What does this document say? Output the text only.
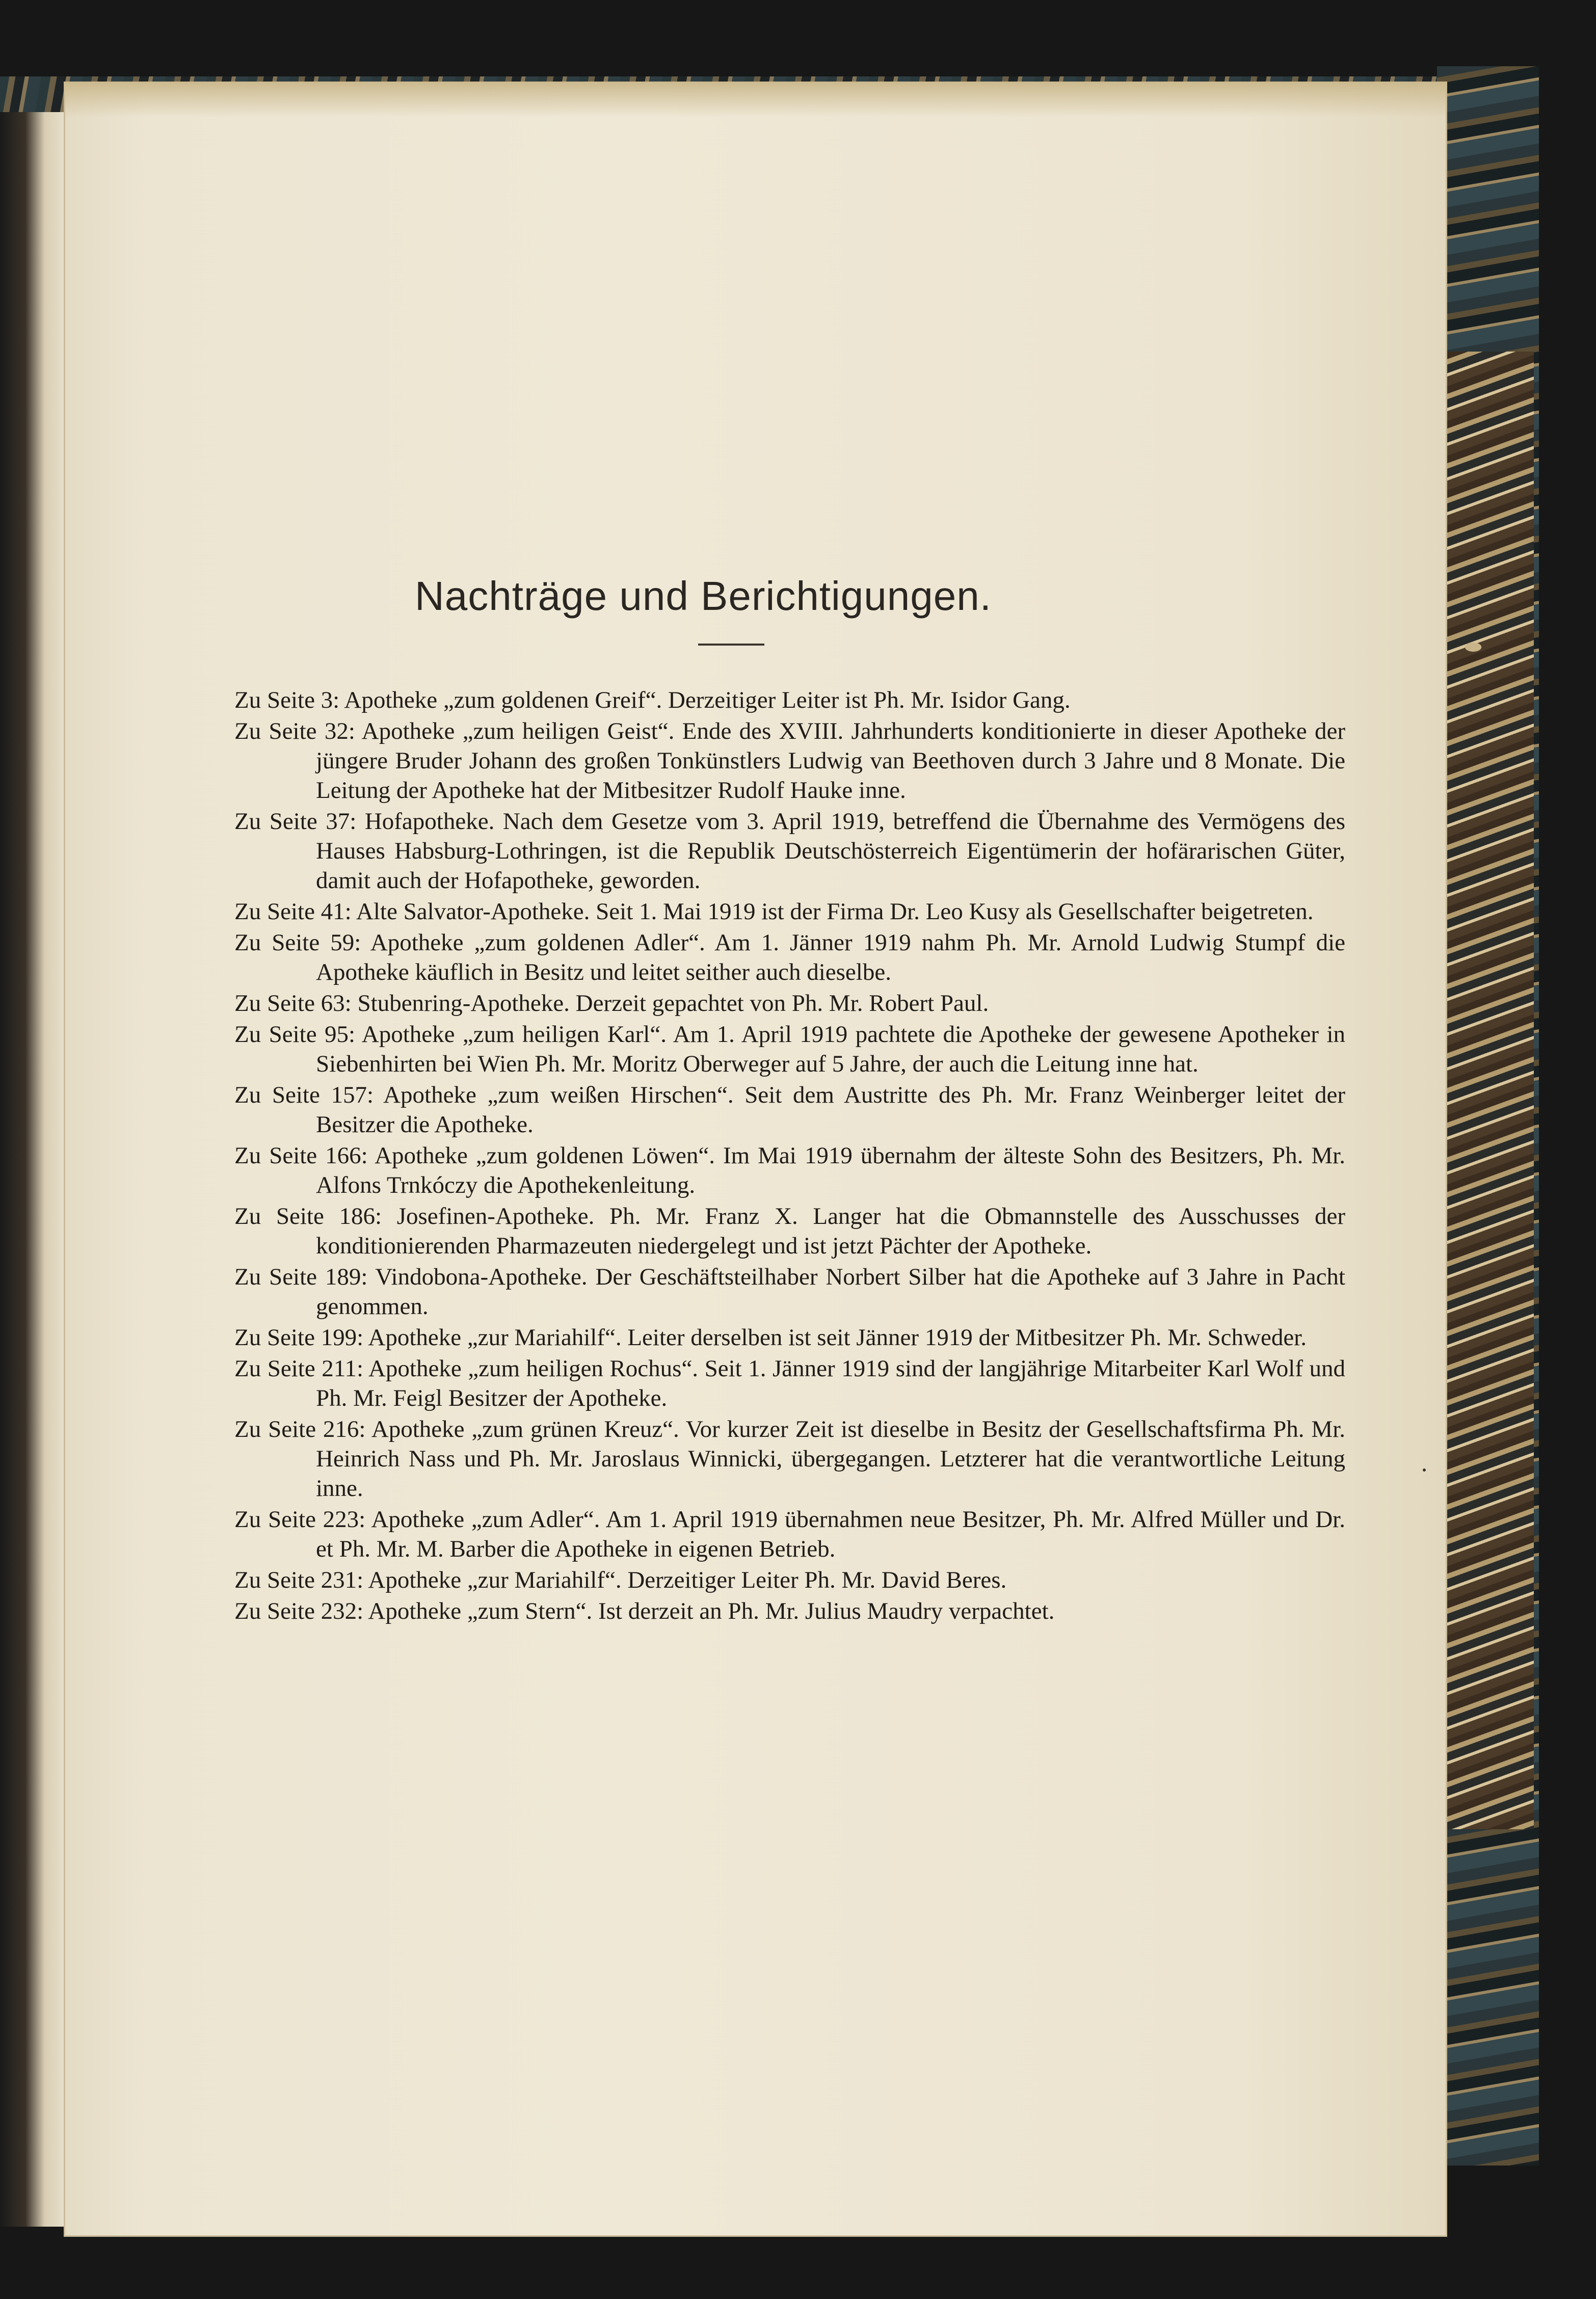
Nachträge und Berichtigungen.
Zu Seite 3: Apotheke „zum goldenen Greif“. Derzeitiger Leiter ist Ph. Mr. Isidor Gang.
Zu Seite 32: Apotheke „zum heiligen Geist“. Ende des XVIII. Jahrhunderts konditionierte in dieser Apotheke der jüngere Bruder Johann des großen Tonkünstlers Ludwig van Beethoven durch 3 Jahre und 8 Monate. Die Leitung der Apotheke hat der Mitbesitzer Rudolf Hauke inne.
Zu Seite 37: Hofapotheke. Nach dem Gesetze vom 3. April 1919, betreffend die Übernahme des Vermögens des Hauses Habsburg-Lothringen, ist die Republik Deutschösterreich Eigentümerin der hofärarischen Güter, damit auch der Hofapotheke, geworden.
Zu Seite 41: Alte Salvator-Apotheke. Seit 1. Mai 1919 ist der Firma Dr. Leo Kusy als Gesellschafter beigetreten.
Zu Seite 59: Apotheke „zum goldenen Adler“. Am 1. Jänner 1919 nahm Ph. Mr. Arnold Ludwig Stumpf die Apotheke käuflich in Besitz und leitet seither auch dieselbe.
Zu Seite 63: Stubenring-Apotheke. Derzeit gepachtet von Ph. Mr. Robert Paul.
Zu Seite 95: Apotheke „zum heiligen Karl“. Am 1. April 1919 pachtete die Apotheke der gewesene Apotheker in Siebenhirten bei Wien Ph. Mr. Moritz Oberweger auf 5 Jahre, der auch die Leitung inne hat.
Zu Seite 157: Apotheke „zum weißen Hirschen“. Seit dem Austritte des Ph. Mr. Franz Weinberger leitet der Besitzer die Apotheke.
Zu Seite 166: Apotheke „zum goldenen Löwen“. Im Mai 1919 übernahm der älteste Sohn des Besitzers, Ph. Mr. Alfons Trnkóczy die Apothekenleitung.
Zu Seite 186: Josefinen-Apotheke. Ph. Mr. Franz X. Langer hat die Obmannstelle des Ausschusses der konditionierenden Pharmazeuten niedergelegt und ist jetzt Pächter der Apotheke.
Zu Seite 189: Vindobona-Apotheke. Der Geschäftsteilhaber Norbert Silber hat die Apotheke auf 3 Jahre in Pacht genommen.
Zu Seite 199: Apotheke „zur Mariahilf“. Leiter derselben ist seit Jänner 1919 der Mitbesitzer Ph. Mr. Schweder.
Zu Seite 211: Apotheke „zum heiligen Rochus“. Seit 1. Jänner 1919 sind der langjährige Mitarbeiter Karl Wolf und Ph. Mr. Feigl Besitzer der Apotheke.
Zu Seite 216: Apotheke „zum grünen Kreuz“. Vor kurzer Zeit ist dieselbe in Besitz der Gesellschaftsfirma Ph. Mr. Heinrich Nass und Ph. Mr. Jaroslaus Winnicki, übergegangen. Letzterer hat die verantwortliche Leitung inne.
Zu Seite 223: Apotheke „zum Adler“. Am 1. April 1919 übernahmen neue Besitzer, Ph. Mr. Alfred Müller und Dr. et Ph. Mr. M. Barber die Apotheke in eigenen Betrieb.
Zu Seite 231: Apotheke „zur Mariahilf“. Derzeitiger Leiter Ph. Mr. David Beres.
Zu Seite 232: Apotheke „zum Stern“. Ist derzeit an Ph. Mr. Julius Maudry verpachtet.
